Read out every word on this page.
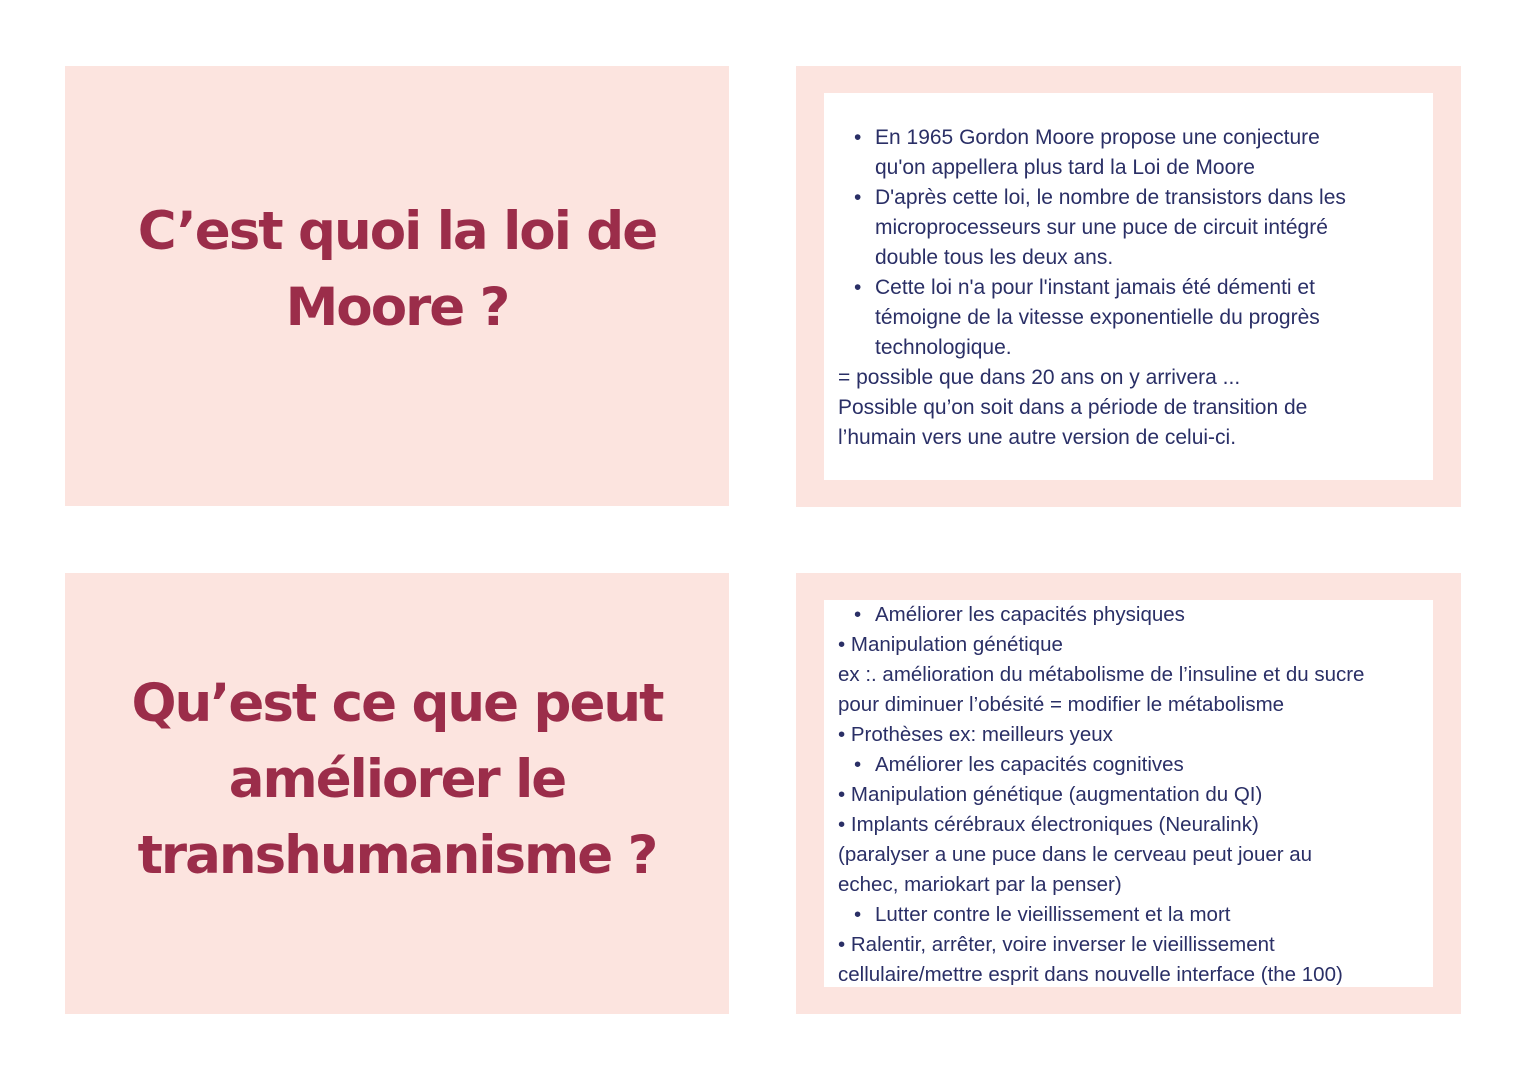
C’est quoi la loi de
Moore ?
• En 1965 Gordon Moore propose une conjecture
qu'on appellera plus tard la Loi de Moore
• D'après cette loi, le nombre de transistors dans les
microprocesseurs sur une puce de circuit intégré
double tous les deux ans.
• Cette loi n'a pour l'instant jamais été démenti et
témoigne de la vitesse exponentielle du progrès
technologique.
= possible que dans 20 ans on y arrivera ...
Possible qu’on soit dans a période de transition de
l’humain vers une autre version de celui-ci.
Qu’est ce que peut
améliorer le
transhumanisme ?
• Améliorer les capacités physiques
• Manipulation génétique
ex :. amélioration du métabolisme de l’insuline et du sucre
pour diminuer l’obésité = modifier le métabolisme
• Prothèses ex: meilleurs yeux
• Améliorer les capacités cognitives
• Manipulation génétique (augmentation du QI)
• Implants cérébraux électroniques (Neuralink)
(paralyser a une puce dans le cerveau peut jouer au
echec, mariokart par la penser)
• Lutter contre le vieillissement et la mort
• Ralentir, arrêter, voire inverser le vieillissement
cellulaire/mettre esprit dans nouvelle interface (the 100)
